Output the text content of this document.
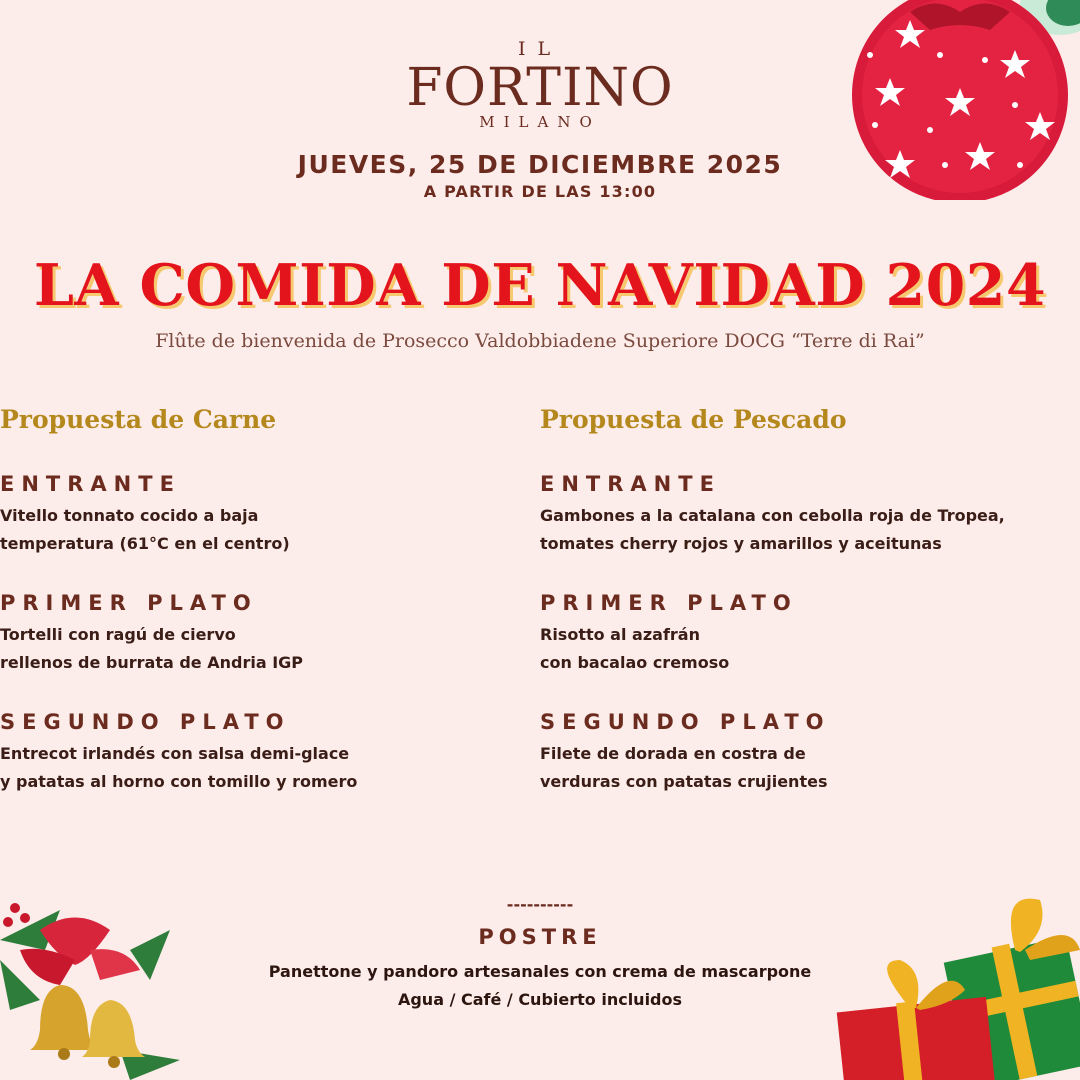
IL
FORTINO
MILANO
JUEVES, 25 DE DICIEMBRE 2025
A PARTIR DE LAS 13:00
LA COMIDA DE NAVIDAD 2024
Flûte de bienvenida de Prosecco Valdobbiadene Superiore DOCG “Terre di Rai”
Propuesta de Carne
ENTRANTE
Vitello tonnato cocido a baja
temperatura (61°C en el centro)
PRIMER PLATO
Tortelli con ragú de ciervo
rellenos de burrata de Andria IGP
SEGUNDO PLATO
Entrecot irlandés con salsa demi-glace
y patatas al horno con tomillo y romero
Propuesta de Pescado
ENTRANTE
Gambones a la catalana con cebolla roja de Tropea,
tomates cherry rojos y amarillos y aceitunas
PRIMER PLATO
Risotto al azafrán
con bacalao cremoso
SEGUNDO PLATO
Filete de dorada en costra de
verduras con patatas crujientes
----------
POSTRE
Panettone y pandoro artesanales con crema de mascarpone
Agua / Café / Cubierto incluidos
